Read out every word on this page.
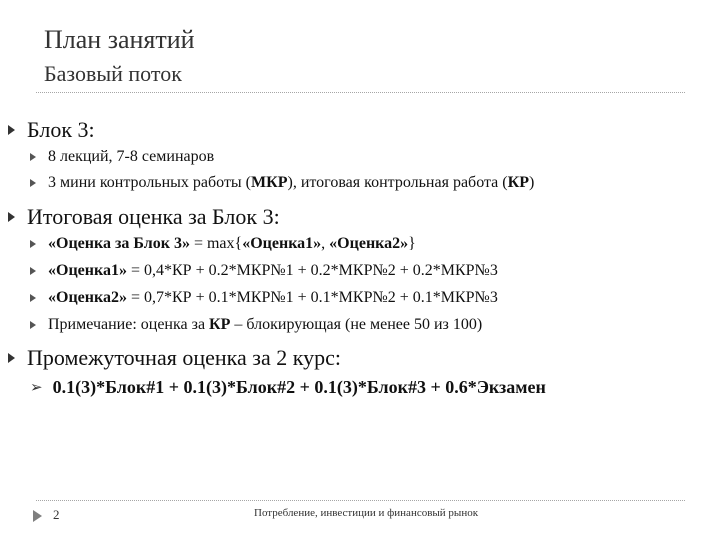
План занятий
Базовый поток
Блок 3:
8 лекций, 7-8 семинаров
3 мини контрольных работы (МКР), итоговая контрольная работа (КР)
Итоговая оценка за Блок 3:
«Оценка за Блок 3» = max{«Оценка1», «Оценка2»}
«Оценка1» = 0,4*КР + 0.2*МКР№1 + 0.2*МКР№2 + 0.2*МКР№3
«Оценка2» = 0,7*КР + 0.1*МКР№1 + 0.1*МКР№2 + 0.1*МКР№3
Примечание: оценка за КР – блокирующая (не менее 50 из 100)
Промежуточная оценка за 2 курс:
➢ 0.1(3)*Блок#1 + 0.1(3)*Блок#2 + 0.1(3)*Блок#3 + 0.6*Экзамен
2	Потребление, инвестиции и финансовый рынок
